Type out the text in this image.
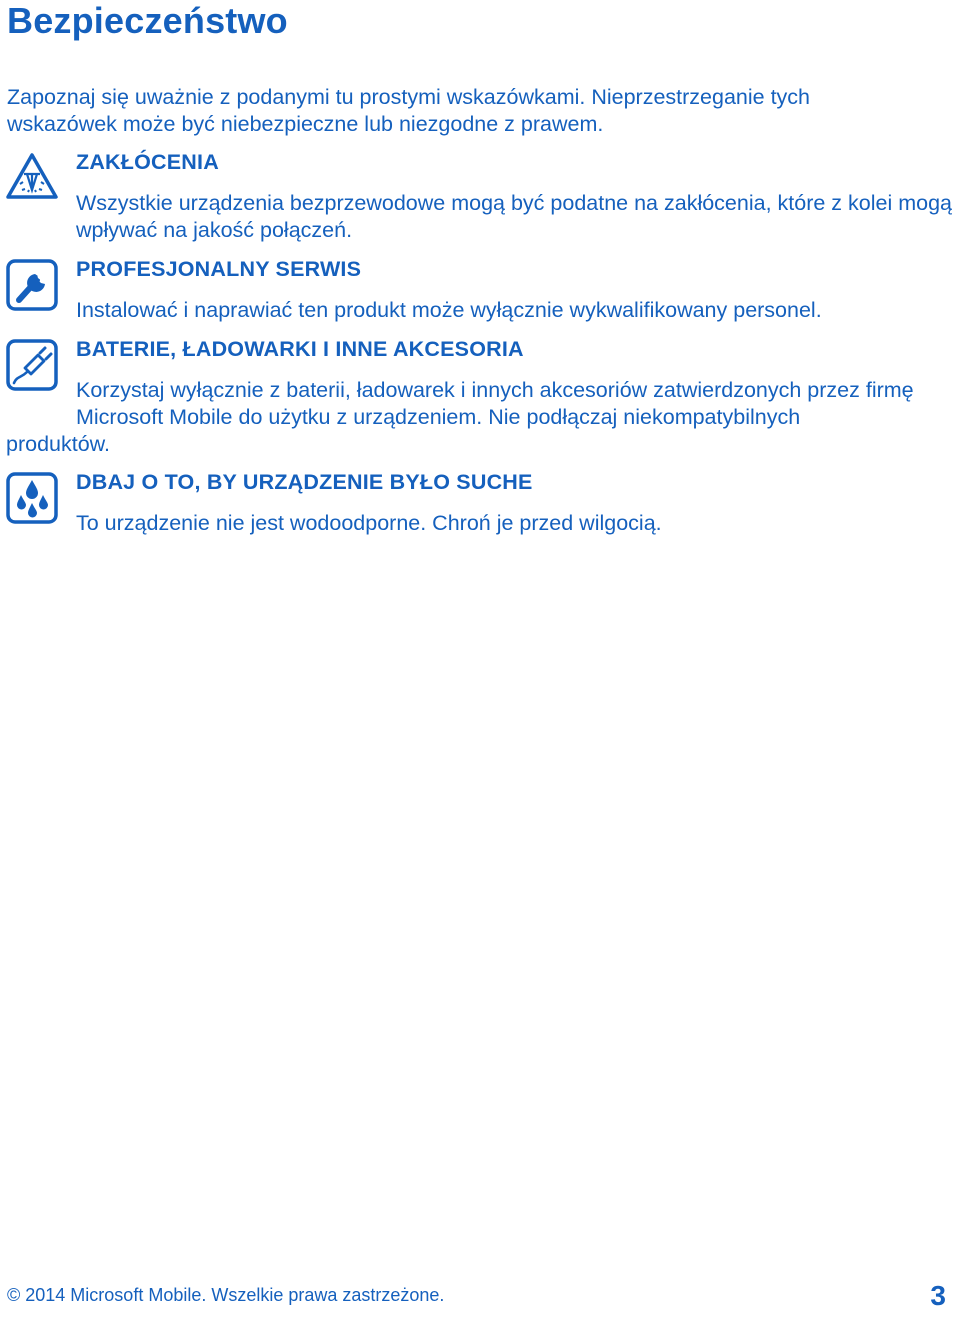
Bezpieczeństwo

Zapoznaj się uważnie z podanymi tu prostymi wskazówkami. Nieprzestrzeganie tych wskazówek może być niebezpieczne lub niezgodne z prawem.

ZAKŁÓCENIA

Wszystkie urządzenia bezprzewodowe mogą być podatne na zakłócenia, które z kolei mogą wpływać na jakość połączeń.

PROFESJONALNY SERWIS

Instalować i naprawiać ten produkt może wyłącznie wykwalifikowany personel.

BATERIE, ŁADOWARKI I INNE AKCESORIA

Korzystaj wyłącznie z baterii, ładowarek i innych akcesoriów zatwierdzonych przez firmę Microsoft Mobile do użytku z urządzeniem. Nie podłączaj niekompatybilnych
produktów.

DBAJ O TO, BY URZĄDZENIE BYŁO SUCHE

To urządzenie nie jest wodoodporne. Chroń je przed wilgocią.

© 2014 Microsoft Mobile. Wszelkie prawa zastrzeżone.	3
